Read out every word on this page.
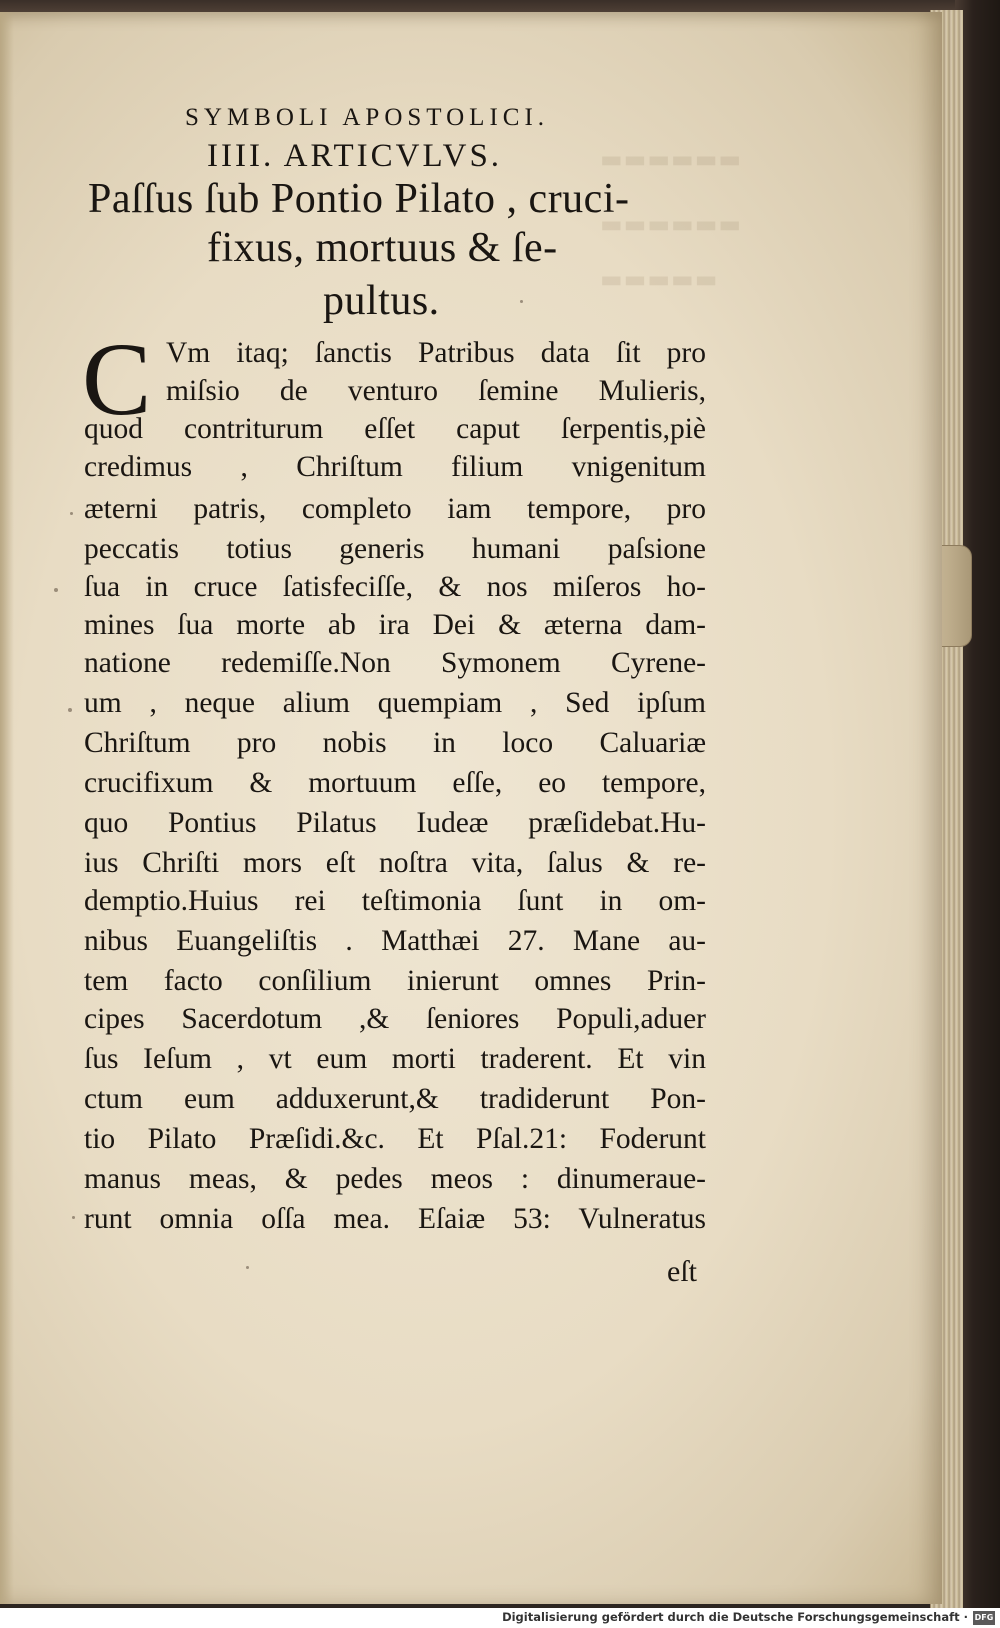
▬▬▬▬▬▬
▬▬▬▬▬▬
▬▬▬▬▬
SYMBOLI APOSTOLICI.
IIII. ARTICVLVS.
Paſſus ſub Pontio Pilato , cruci-
fixus, mortuus & ſe-
pultus.
C Vm itaq; ſanctis Patribus data ſit pro
miſsio de venturo ſemine Mulieris,
quod contriturum eſſet caput ſerpentis,piè
credimus , Chriſtum filium vnigenitum
æterni patris, completo iam tempore, pro
peccatis totius generis humani paſsione
ſua in cruce ſatisfeciſſe, & nos miſeros ho-
mines ſua morte ab ira Dei & æterna dam-
natione redemiſſe.Non Symonem Cyrene-
um , neque alium quempiam , Sed ipſum
Chriſtum pro nobis in loco Caluariæ
crucifixum & mortuum eſſe, eo tempore,
quo Pontius Pilatus Iudeæ præſidebat.Hu-
ius Chriſti mors eſt noſtra vita, ſalus & re-
demptio.Huius rei teſtimonia ſunt in om-
nibus Euangeliſtis . Matthæi 27. Mane au-
tem facto conſilium inierunt omnes Prin-
cipes Sacerdotum ,& ſeniores Populi,aduer
ſus Ieſum , vt eum morti traderent. Et vin
ctum eum adduxerunt,& tradiderunt Pon-
tio Pilato Præſidi.&c. Et Pſal.21: Foderunt
manus meas, & pedes meos : dinumeraue-
runt omnia oſſa mea. Eſaiæ 53: Vulneratus
eſt
Digitalisierung gefördert durch die Deutsche Forschungsgemeinschaft · DFG
